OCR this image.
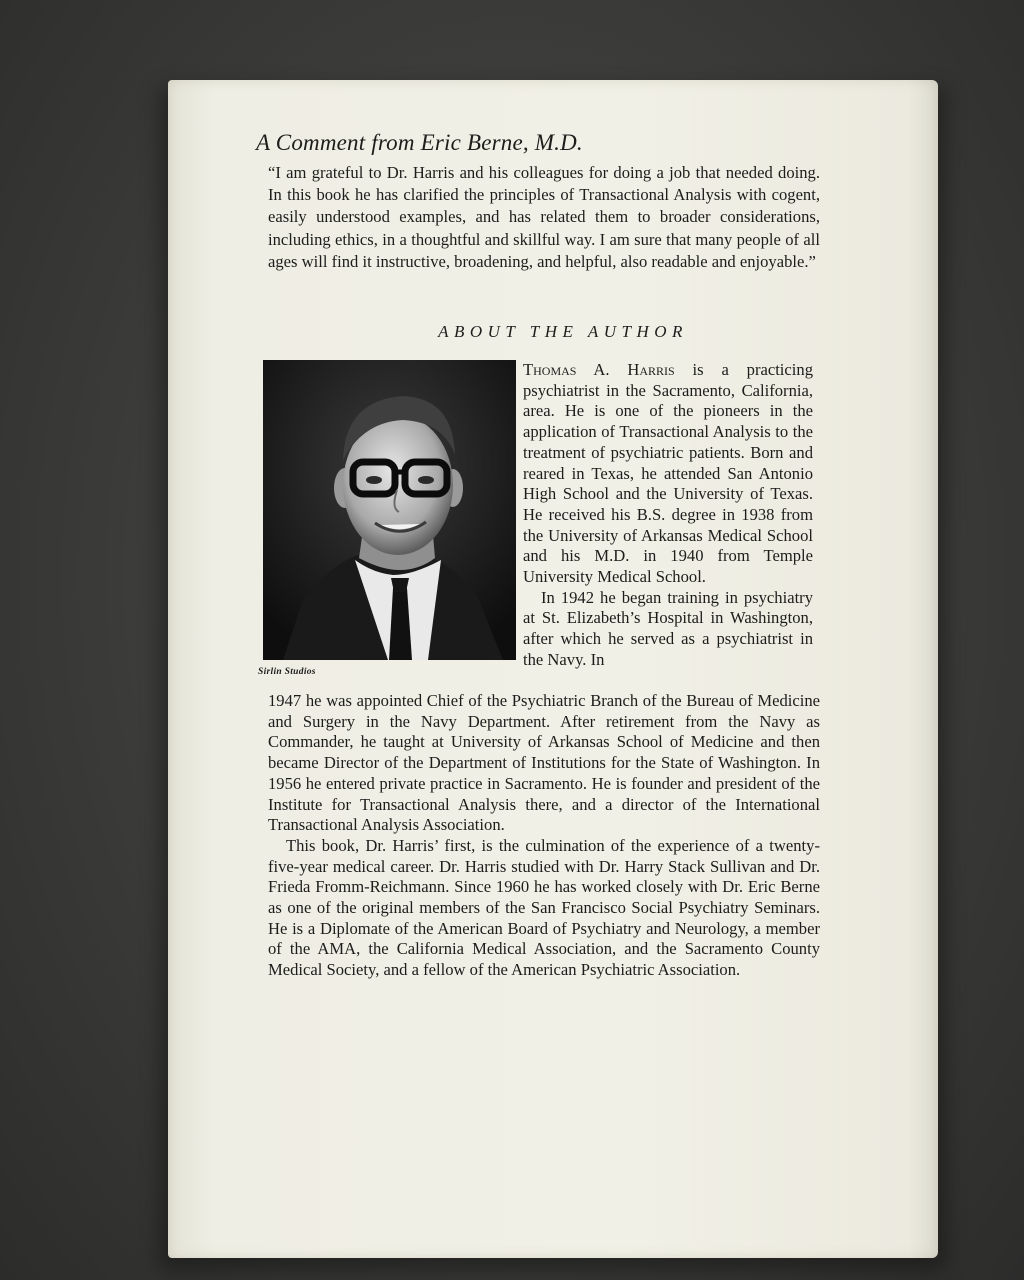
A Comment from Eric Berne, M.D.

“I am grateful to Dr. Harris and his colleagues for doing a job that needed doing. In this book he has clarified the principles of Transactional Analysis with cogent, easily understood examples, and has related them to broader considerations, including ethics, in a thoughtful and skillful way. I am sure that many people of all ages will find it instructive, broadening, and helpful, also readable and enjoyable.”

ABOUT THE AUTHOR
Sirlin Studios

Thomas A. Harris is a practicing psychiatrist in the Sacramento, California, area. He is one of the pioneers in the application of Transactional Analysis to the treatment of psychiatric patients. Born and reared in Texas, he attended San Antonio High School and the University of Texas. He received his B.S. degree in 1938 from the University of Arkansas Medical School and his M.D. in 1940 from Temple University Medical School.

In 1942 he began training in psychiatry at St. Elizabeth’s Hospital in Washington, after which he served as a psychiatrist in the Navy. In

1947 he was appointed Chief of the Psychiatric Branch of the Bureau of Medicine and Surgery in the Navy Department. After retirement from the Navy as Commander, he taught at University of Arkansas School of Medicine and then became Director of the Department of Institutions for the State of Washington. In 1956 he entered private practice in Sacramento. He is founder and president of the Institute for Transactional Analysis there, and a director of the International Transactional Analysis Association.

This book, Dr. Harris’ first, is the culmination of the experience of a twenty-five-year medical career. Dr. Harris studied with Dr. Harry Stack Sullivan and Dr. Frieda Fromm-Reichmann. Since 1960 he has worked closely with Dr. Eric Berne as one of the original members of the San Francisco Social Psychiatry Seminars. He is a Diplomate of the American Board of Psychiatry and Neurology, a member of the AMA, the California Medical Association, and the Sacramento County Medical Society, and a fellow of the American Psychiatric Association.
